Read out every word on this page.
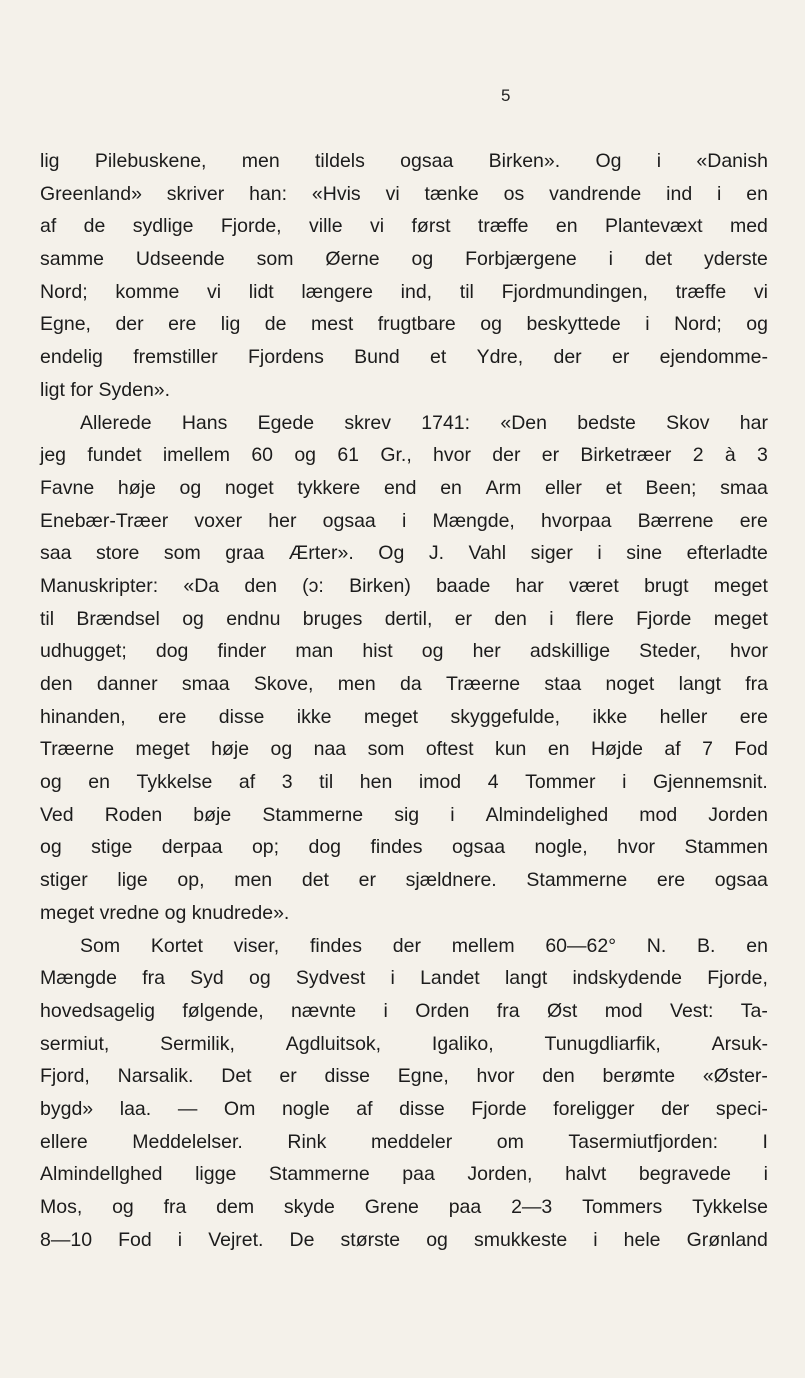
5
lig Pilebuskene, men tildels ogsaa Birken». Og i «Danish
Greenland» skriver han: «Hvis vi tænke os vandrende ind i en
af de sydlige Fjorde, ville vi først træffe en Plantevæxt med
samme Udseende som Øerne og Forbjærgene i det yderste
Nord; komme vi lidt længere ind, til Fjordmundingen, træffe vi
Egne, der ere lig de mest frugtbare og beskyttede i Nord; og
endelig fremstiller Fjordens Bund et Ydre, der er ejendomme-
ligt for Syden».
Allerede Hans Egede skrev 1741: «Den bedste Skov har
jeg fundet imellem 60 og 61 Gr., hvor der er Birketræer 2 à 3
Favne høje og noget tykkere end en Arm eller et Been; smaa
Enebær-Træer voxer her ogsaa i Mængde, hvorpaa Bærrene ere
saa store som graa Ærter». Og J. Vahl siger i sine efterladte
Manuskripter: «Da den (ɔ: Birken) baade har været brugt meget
til Brændsel og endnu bruges dertil, er den i flere Fjorde meget
udhugget; dog finder man hist og her adskillige Steder, hvor
den danner smaa Skove, men da Træerne staa noget langt fra
hinanden, ere disse ikke meget skyggefulde, ikke heller ere
Træerne meget høje og naa som oftest kun en Højde af 7 Fod
og en Tykkelse af 3 til hen imod 4 Tommer i Gjennemsnit.
Ved Roden bøje Stammerne sig i Almindelighed mod Jorden
og stige derpaa op; dog findes ogsaa nogle, hvor Stammen
stiger lige op, men det er sjældnere. Stammerne ere ogsaa
meget vredne og knudrede».
Som Kortet viser, findes der mellem 60—62° N. B. en
Mængde fra Syd og Sydvest i Landet langt indskydende Fjorde,
hovedsagelig følgende, nævnte i Orden fra Øst mod Vest: Ta-
sermiut,	Sermilik,	Agdluitsok,	Igaliko,	Tunugdliarfik,	Arsuk-
Fjord, Narsalik. Det er disse Egne, hvor den berømte «Øster-
bygd» laa. — Om nogle af disse Fjorde foreligger der speci-
ellere Meddelelser. Rink meddeler om Tasermiutfjorden: I
Almindellghed ligge Stammerne paa Jorden, halvt begravede i
Mos, og fra dem skyde Grene paa 2—3 Tommers Tykkelse
8—10 Fod i Vejret. De største og smukkeste i hele Grønland
